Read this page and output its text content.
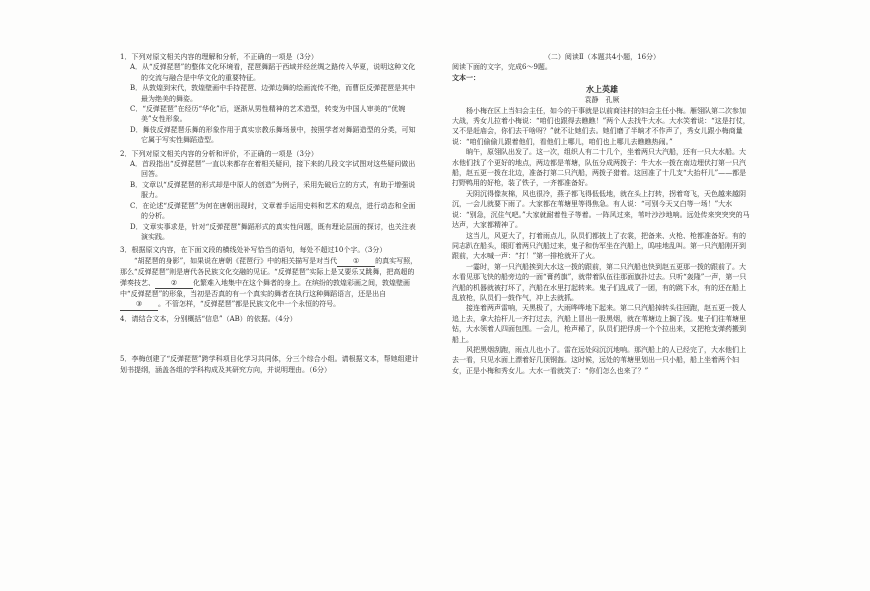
1．下列对原文相关内容的理解和分析，不正确的一项是（3分）
A．从“反弹琵琶”的整体文化环境看，琵琶舞蹈于西域并经丝绸之路传入华夏，说明这种文化的交流与融合是中华文化的重要特征。
B．从敦煌到宋代，敦煌壁画中手持琵琶、边弹边舞的绘画流传不绝，而曹臣反弹琵琶是其中最为绝美的舞姿。
C．“反弹琵琶”在经历“华化”后，逐渐从男性精神的艺术造型，转变为中国人审美的“优婉美”女性形象。
D．舞伎反弹琵琶乐舞的形象作用于真实宗教乐舞场景中，按照学者对舞蹈造型的分类，可知它属于写实性舞蹈造型。
2．下列对原文相关内容的分析和评价，不正确的一项是（3分）
A．首段指出“反弹琵琶”一直以来都存在着相关疑问，接下来的几段文字试图对这些疑问做出回答。
B．文章以“反弹琵琶的形式却是中原人的创造”为例子，采用先破后立的方式，有助于增强说服力。
C．在论述“反弹琵琶”为何在唐朝出现时，文章着手运用史料和艺术的观点，进行动态和全面的分析。
D．文章实事求是，针对“反弹琵琶”舞蹈形式的真实性问题，既有理论层面的探讨，也关注表演实践。
3．根据原文内容，在下面文段的横线处补写恰当的语句，每处不超过10个字。（3分）
“胡琵琶的身影”，如果说在唐朝《琵琶行》中的相关描写是对当代 ① 的真实写照，那么“反弹琵琶”则是唐代各民族文化交融的见证。“反弹琵琶”实际上是又要乐又跳舞，把高超的弹奏技艺、 ② 化繁难入地集中在这个舞者的身上。在缤纷的敦煌彩画之间，敦煌壁画中“反弹琵琶”的形象，当初是否真的有一个真实的舞者在执行这种舞蹈语言，还是出自③ 。不管怎样，“反弹琵琶”都是民族文化中一个永恒的符号。
4．请结合文本，分别概括“信息”（AB）的依据。（4分）
5．李梅创建了“反弹琵琶”跨学科项目化学习共同体，分三个综合小组。请根据文本，帮她组建计划书提纲，涵盖各组的学科构成及其研究方向，并说明理由。（6分）
（二）阅读Ⅱ（本题共4小题，16分）
阅读下面的文字，完成6～9题。
文本一：
水上英雄
袁静　孔厥

杨小梅在区上当妇会主任，如今的干事就是以前商洼村的妇会主任小梅。雁翎队第二次参加大战，秀女儿拉着小梅说：“咱们也跟得去瞧瞧！”两个人去找牛大水。大水笑着说：“这是打仗，又不是赶庙会，你们去干啥呀？”就不让她们去。她们磨了半晌才不作声了，秀女儿跟小梅商量说：“咱们偷偷儿跟着他们，看他们上哪儿，咱们也上哪儿去瞧瞧热闹。”

晌午，原翎队出发了。这一次，组织人有二十几个，坐着两只大汽船，还有一只大水船。大水他们找了个更好的地点，两边都是苇塘，队伍分成两拨子：牛大水一拨在南边埋伏打第一只汽船，赵五更一拨在北边，准备打第二只汽船，两拨子猎着。这回准了十几支“大抬杆儿”——都是打野鸭用的好枪，装了铁子，一齐都准备好。

天阴沉得像灰棉，风也很冷，燕子都飞得低低地，就在头上打转，拐着弯飞，天色越来越阴沉，一会儿就要下雨了。大家都在苇塘里等得焦急。有人说：“可别今天又白等一场！”大水说：“别急，沉住气吧。”大家就耐着性子等着。一阵风过来，苇叶沙沙地响。远处传来突突突的马达声，大家都精神了。

这当儿，风更大了，打着雨点儿，队员们都披上了衣裳，把备来、火枪、枪都准备好。有的同志趴在船头，眼盯着两只汽船过来，鬼子和伪军坐在汽船上，呜哇地乱叫。第一只汽船刚开到跟前，大水喊一声：“打！”第一排枪就开了火。

一霎时，第一只汽船挨到大水这一拨的跟前，第二只汽船也快到赵五更那一拨的跟前了。大水看见那飞快的船旁边的一面“膏药旗”，就带着队伍往那面旗扑过去。只听“轰隆”一声，第一只汽船的机器就被打坏了，汽船在水里打起转来。鬼子们乱成了一团，有的跳下水，有的还在船上乱放枪，队员们一鼓作气，冲上去就抓。

接连着两声雷响，天黑极了，大雨哗哗地下起来。第二只汽船掉转头往回跑，赵五更一拨人追上去，拿大抬杆儿一齐打过去，汽船上冒出一股黑烟，就在苇塘边上搁了浅。鬼子们往苇塘里钻，大水领着人四面包围。一会儿，枪声稀了，队员们把俘虏一个个拉出来，又把枪支弹药搬到船上。

风把黑烟刮跑，雨点儿也小了。雷在远处闷沉沉地响。那汽船上的人已经完了，大水他们上去一看，只见水面上漂着好几顶钢盔。这时候，远处的苇塘里划出一只小船，船上坐着两个妇女，正是小梅和秀女儿。大水一看就笑了：“你们怎么也来了？”
